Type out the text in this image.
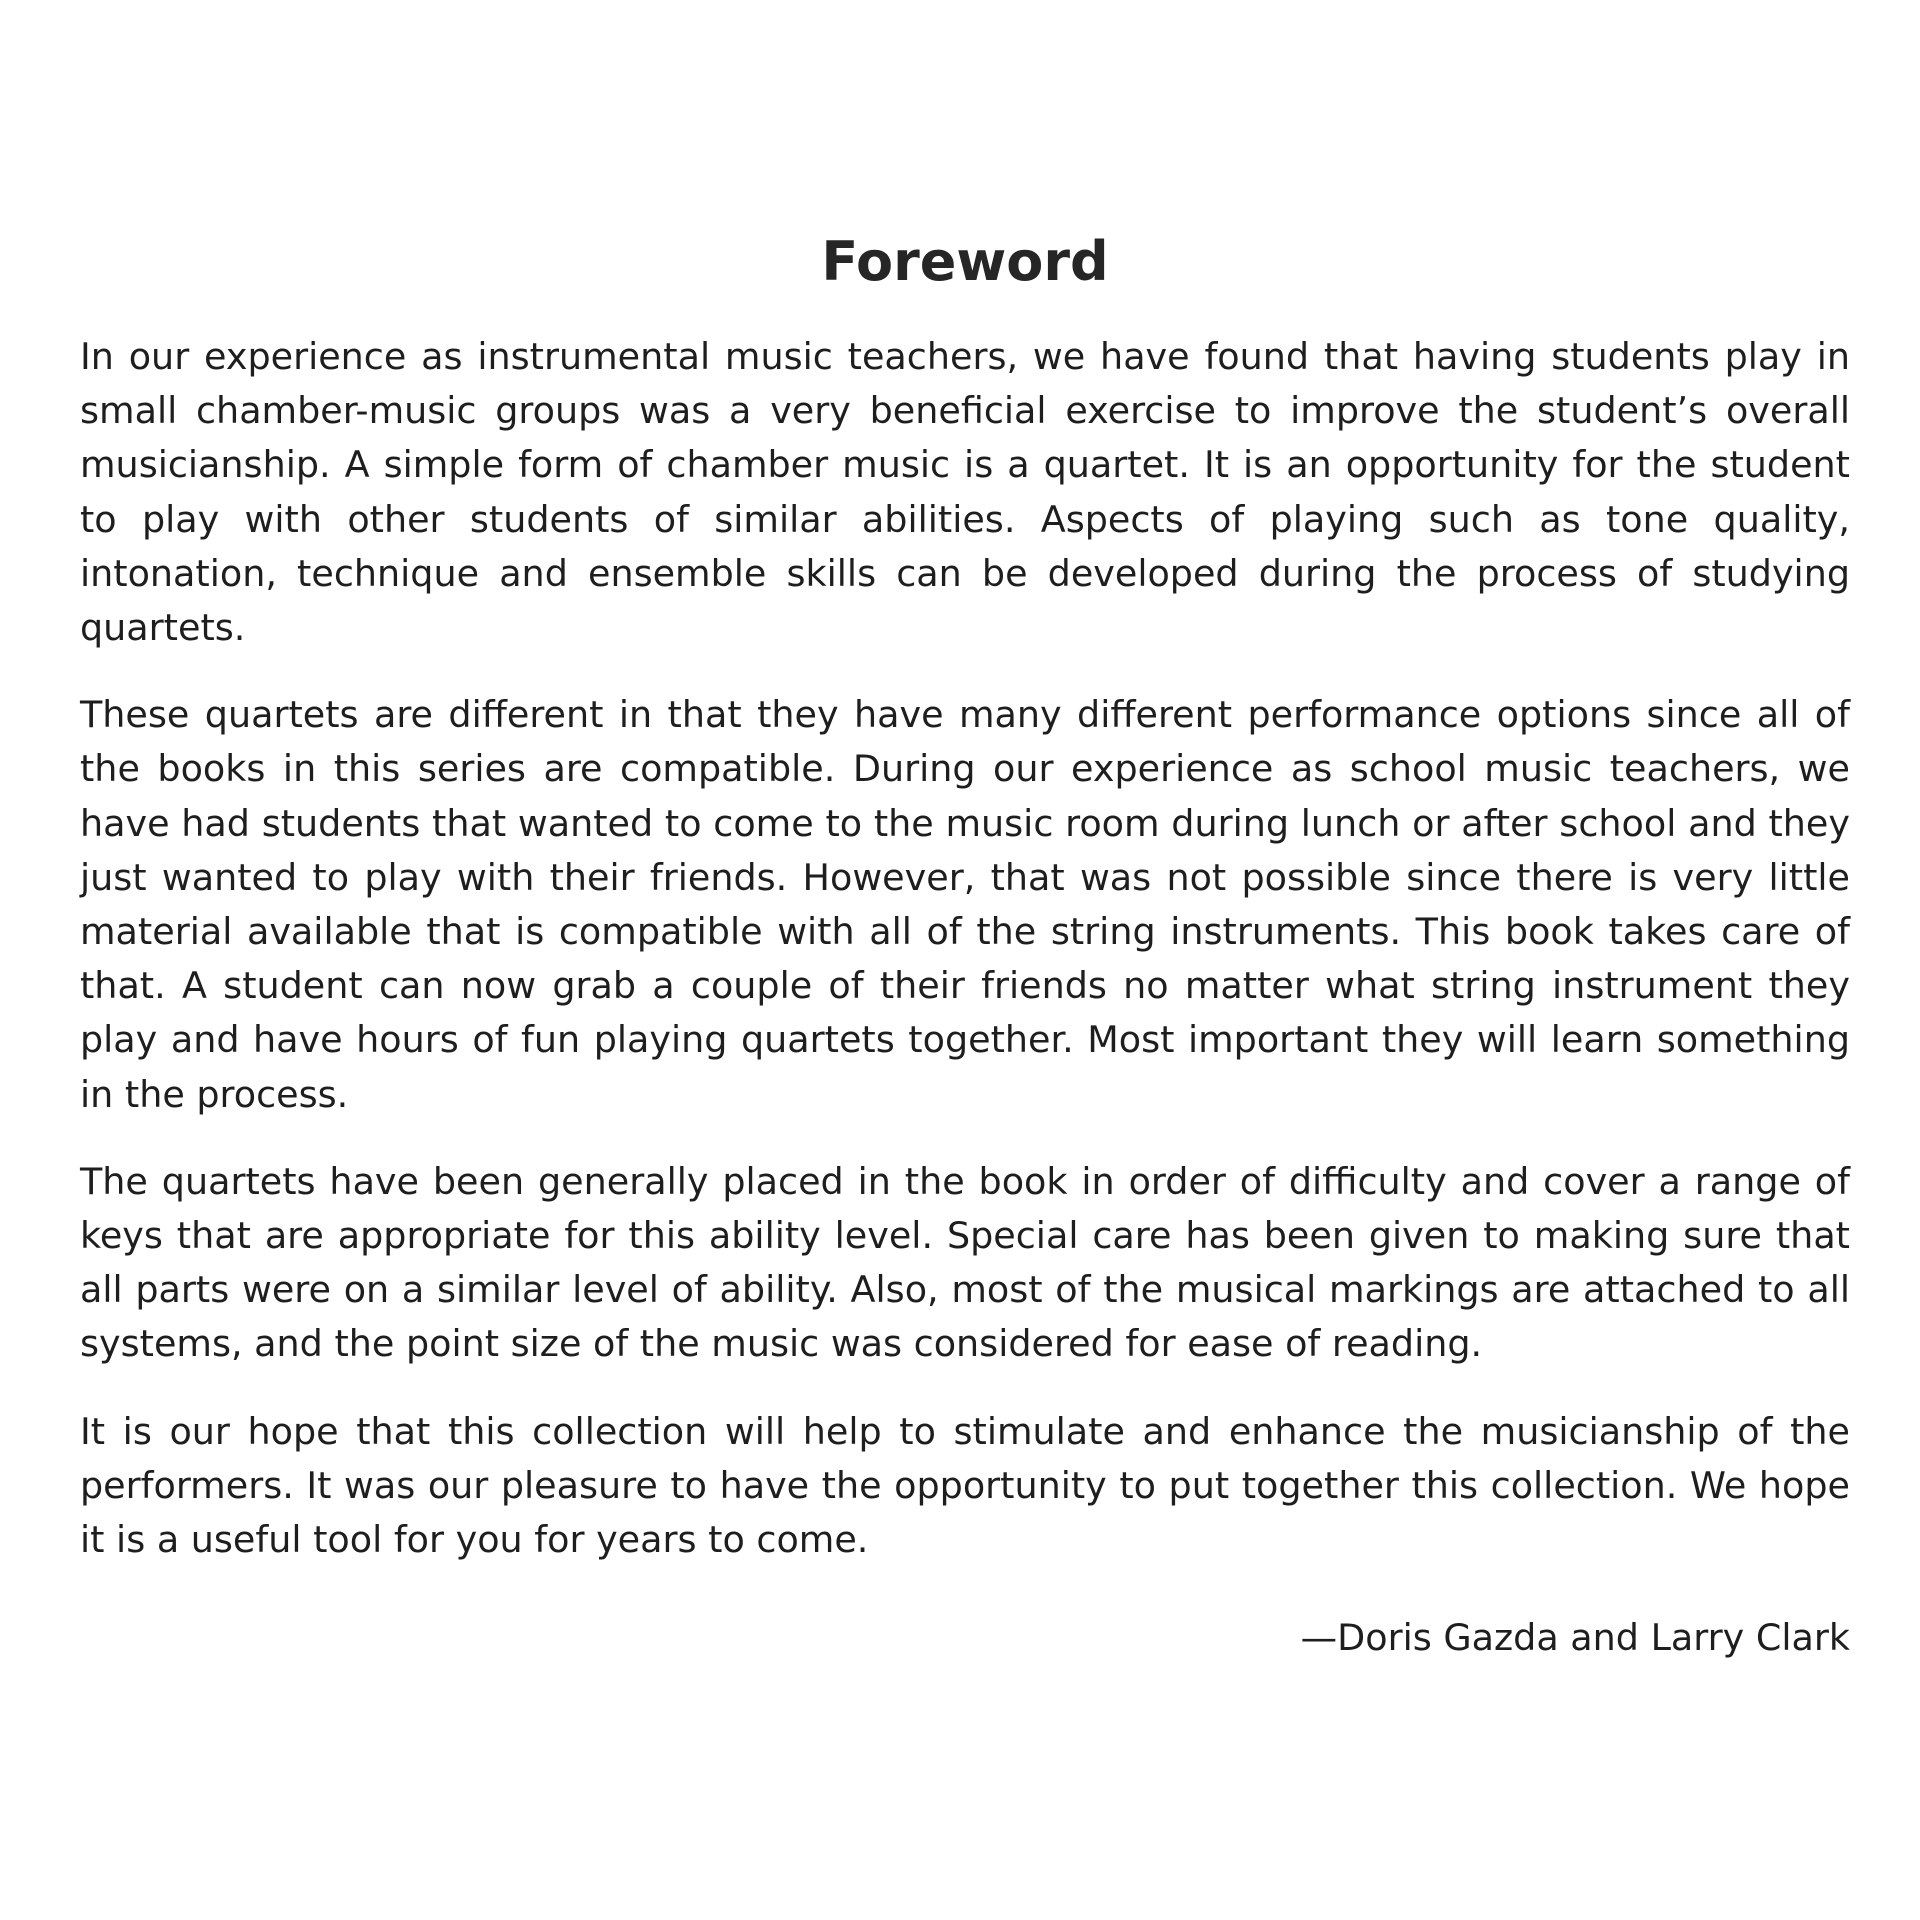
Foreword

In our experience as instrumental music teachers, we have found that having students play in small chamber-music groups was a very beneficial exercise to improve the student’s overall musicianship. A simple form of chamber music is a quartet. It is an opportunity for the student to play with other students of similar abilities. Aspects of playing such as tone quality, intonation, technique and ensemble skills can be developed during the process of studying quartets.

These quartets are different in that they have many different performance options since all of the books in this series are compatible. During our experience as school music teachers, we have had students that wanted to come to the music room during lunch or after school and they just wanted to play with their friends. However, that was not possible since there is very little material available that is compatible with all of the string instruments. This book takes care of that. A student can now grab a couple of their friends no matter what string instrument they play and have hours of fun playing quartets together. Most important they will learn something in the process.

The quartets have been generally placed in the book in order of difficulty and cover a range of keys that are appropriate for this ability level. Special care has been given to making sure that all parts were on a similar level of ability. Also, most of the musical markings are attached to all systems, and the point size of the music was considered for ease of reading.

It is our hope that this collection will help to stimulate and enhance the musicianship of the performers. It was our pleasure to have the opportunity to put together this collection. We hope it is a useful tool for you for years to come.

—Doris Gazda and Larry Clark
